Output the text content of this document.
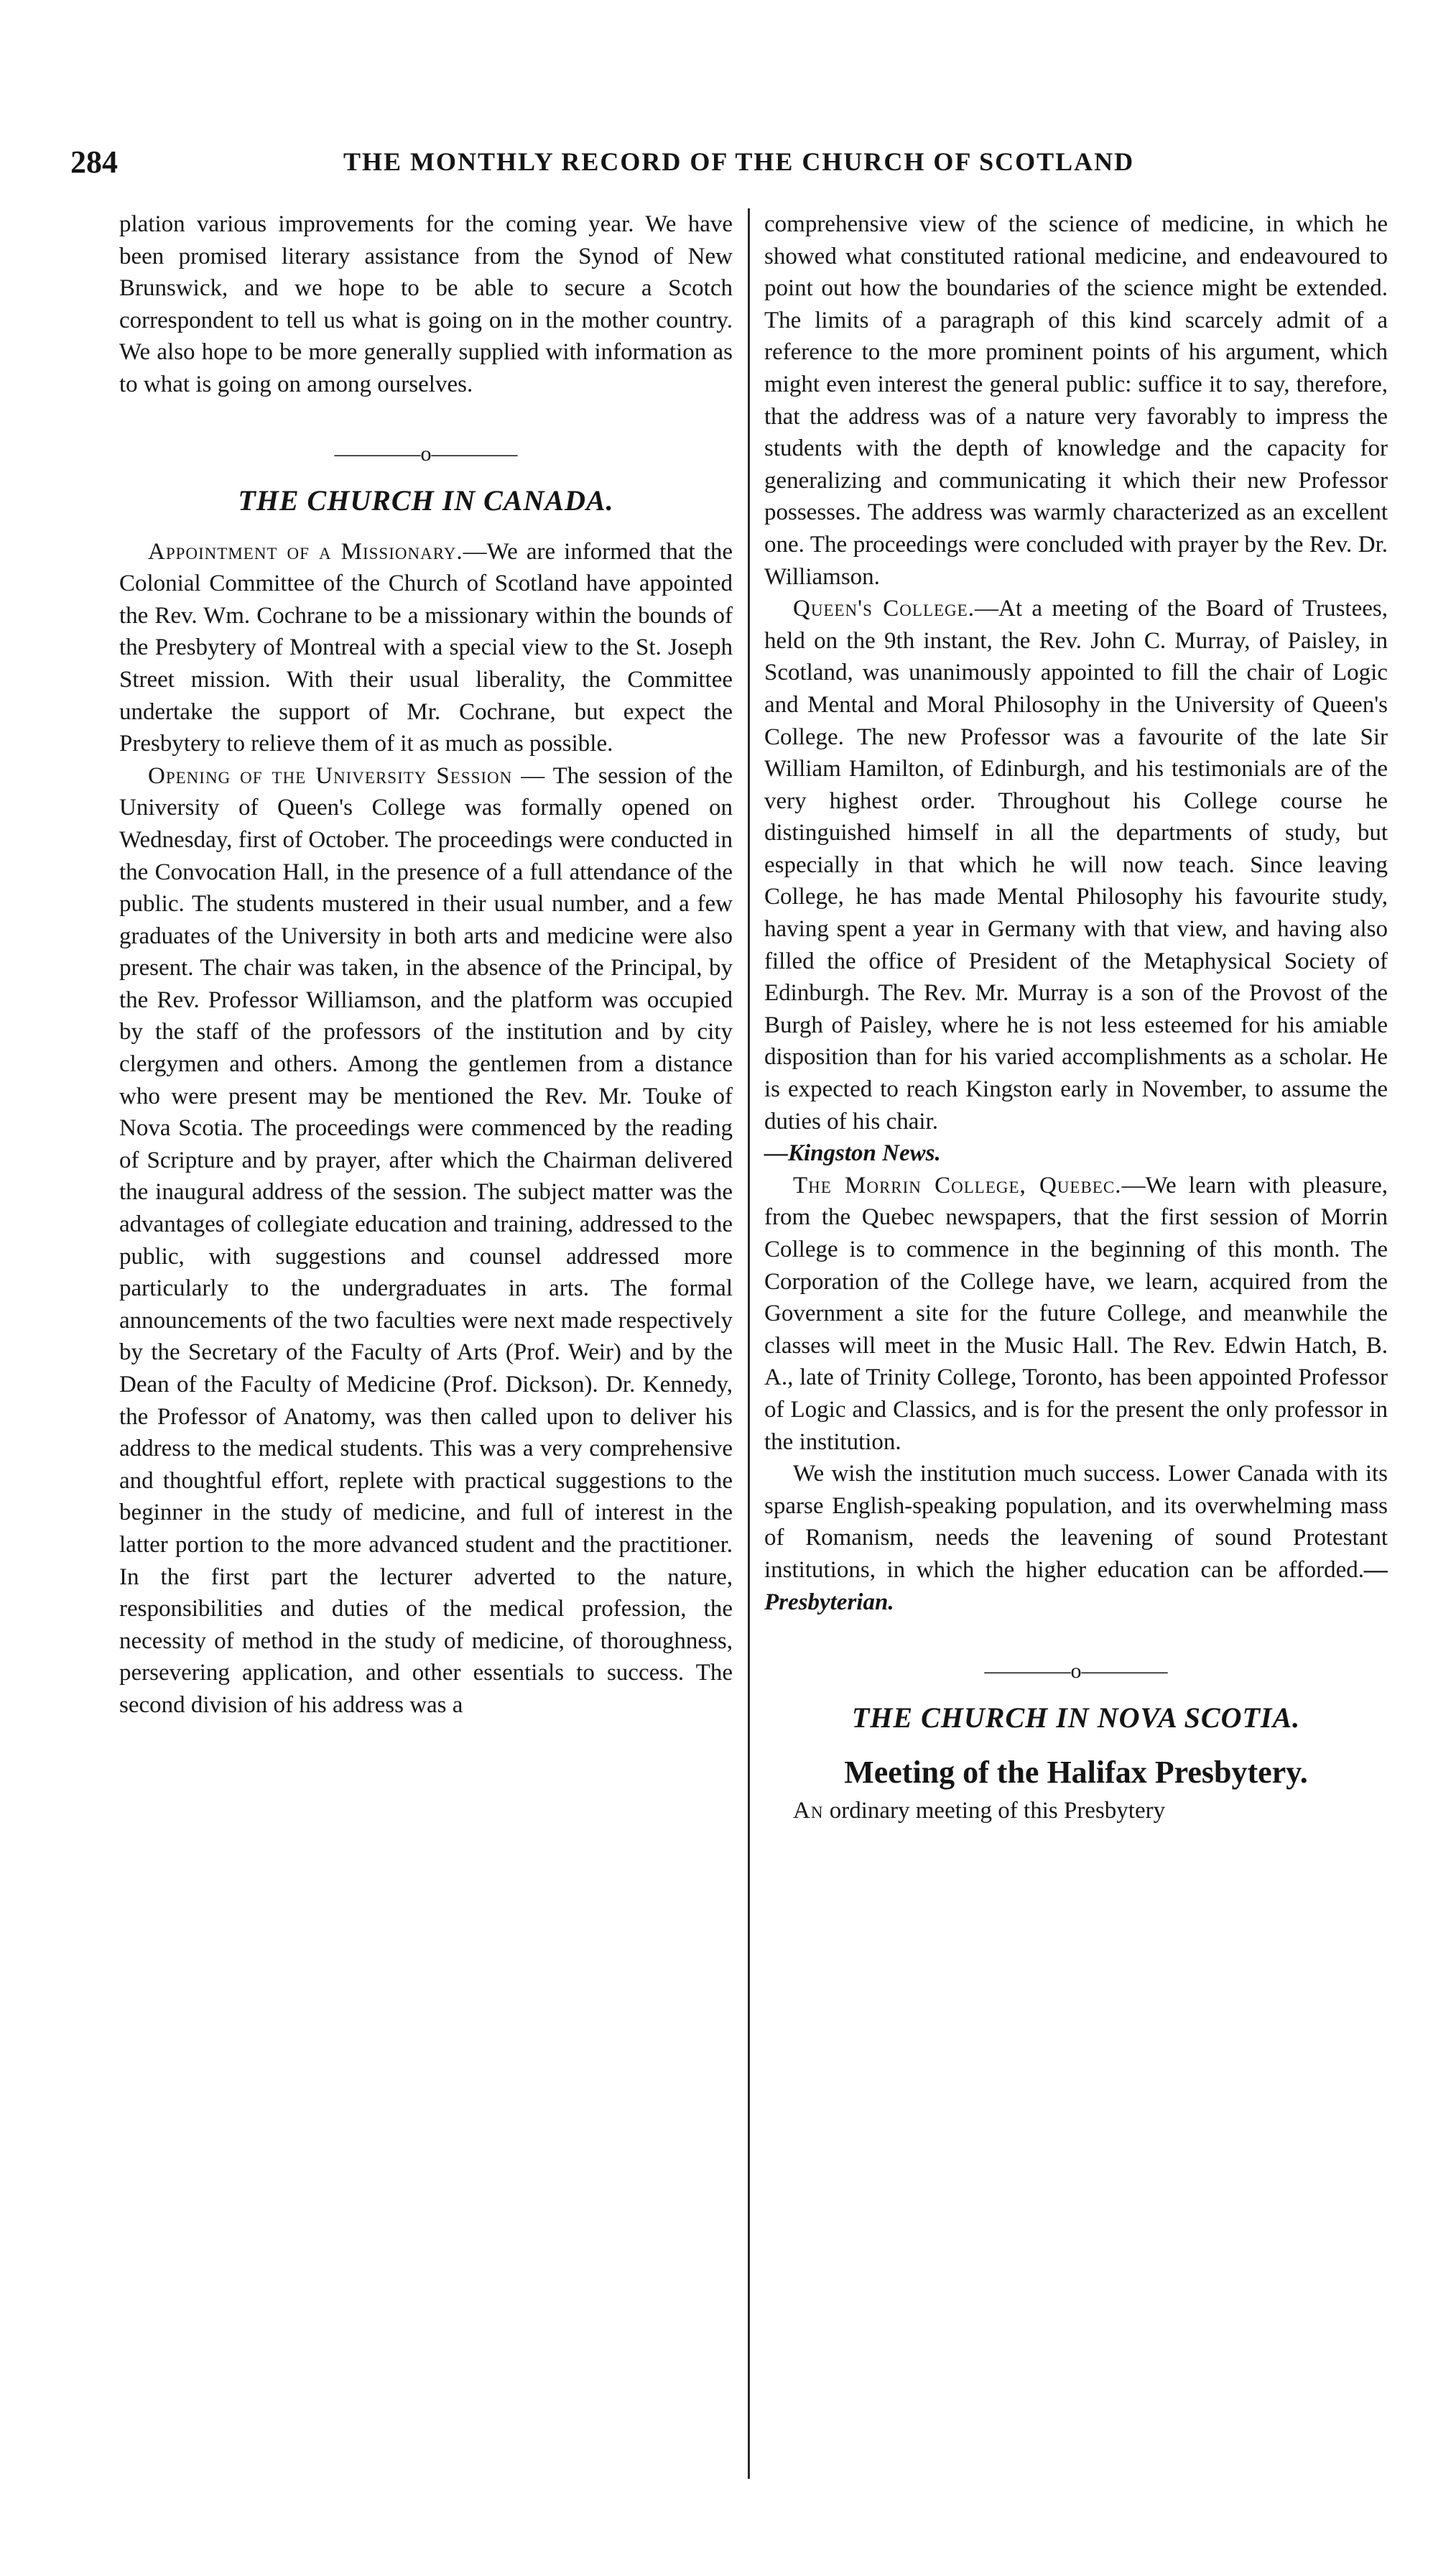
284	THE MONTHLY RECORD OF THE CHURCH OF SCOTLAND

plation various improvements for the coming year. We have been promised literary assistance from the Synod of New Brunswick, and we hope to be able to secure a Scotch correspondent to tell us what is going on in the mother country. We also hope to be more generally supplied with information as to what is going on among ourselves.

————o————
THE CHURCH IN CANADA.

Appointment of a Missionary.—We are informed that the Colonial Committee of the Church of Scotland have appointed the Rev. Wm. Cochrane to be a missionary within the bounds of the Presbytery of Montreal with a special view to the St. Joseph Street mission. With their usual liberality, the Committee undertake the support of Mr. Cochrane, but expect the Presbytery to relieve them of it as much as possible.

Opening of the University Session — The session of the University of Queen's College was formally opened on Wednesday, first of October. The proceedings were conducted in the Convocation Hall, in the presence of a full attendance of the public. The students mustered in their usual number, and a few graduates of the University in both arts and medicine were also present. The chair was taken, in the absence of the Principal, by the Rev. Professor Williamson, and the platform was occupied by the staff of the professors of the institution and by city clergymen and others. Among the gentlemen from a distance who were present may be mentioned the Rev. Mr. Touke of Nova Scotia. The proceedings were commenced by the reading of Scripture and by prayer, after which the Chairman delivered the inaugural address of the session. The subject matter was the advantages of collegiate education and training, addressed to the public, with suggestions and counsel addressed more particularly to the undergraduates in arts. The formal announcements of the two faculties were next made respectively by the Secretary of the Faculty of Arts (Prof. Weir) and by the Dean of the Faculty of Medicine (Prof. Dickson). Dr. Kennedy, the Professor of Anatomy, was then called upon to deliver his address to the medical students. This was a very comprehensive and thoughtful effort, replete with practical suggestions to the beginner in the study of medicine, and full of interest in the latter portion to the more advanced student and the practitioner. In the first part the lecturer adverted to the nature, responsibilities and duties of the medical profession, the necessity of method in the study of medicine, of thoroughness, persevering application, and other essentials to success. The second division of his address was a

comprehensive view of the science of medicine, in which he showed what constituted rational medicine, and endeavoured to point out how the boundaries of the science might be extended. The limits of a paragraph of this kind scarcely admit of a reference to the more prominent points of his argument, which might even interest the general public: suffice it to say, therefore, that the address was of a nature very favorably to impress the students with the depth of knowledge and the capacity for generalizing and communicating it which their new Professor possesses. The address was warmly characterized as an excellent one. The proceedings were concluded with prayer by the Rev. Dr. Williamson.

Queen's College.—At a meeting of the Board of Trustees, held on the 9th instant, the Rev. John C. Murray, of Paisley, in Scotland, was unanimously appointed to fill the chair of Logic and Mental and Moral Philosophy in the University of Queen's College. The new Professor was a favourite of the late Sir William Hamilton, of Edinburgh, and his testimonials are of the very highest order. Throughout his College course he distinguished himself in all the departments of study, but especially in that which he will now teach. Since leaving College, he has made Mental Philosophy his favourite study, having spent a year in Germany with that view, and having also filled the office of President of the Metaphysical Society of Edinburgh. The Rev. Mr. Murray is a son of the Provost of the Burgh of Paisley, where he is not less esteemed for his amiable disposition than for his varied accomplishments as a scholar. He is expected to reach Kingston early in November, to assume the duties of his chair.

—Kingston News.

The Morrin College, Quebec.—We learn with pleasure, from the Quebec newspapers, that the first session of Morrin College is to commence in the beginning of this month. The Corporation of the College have, we learn, acquired from the Government a site for the future College, and meanwhile the classes will meet in the Music Hall. The Rev. Edwin Hatch, B. A., late of Trinity College, Toronto, has been appointed Professor of Logic and Classics, and is for the present the only professor in the institution.

We wish the institution much success. Lower Canada with its sparse English-speaking population, and its overwhelming mass of Romanism, needs the leavening of sound Protestant institutions, in which the higher education can be afforded.—Presbyterian.

————o————
THE CHURCH IN NOVA SCOTIA.
Meeting of the Halifax Presbytery.

An ordinary meeting of this Presbytery
